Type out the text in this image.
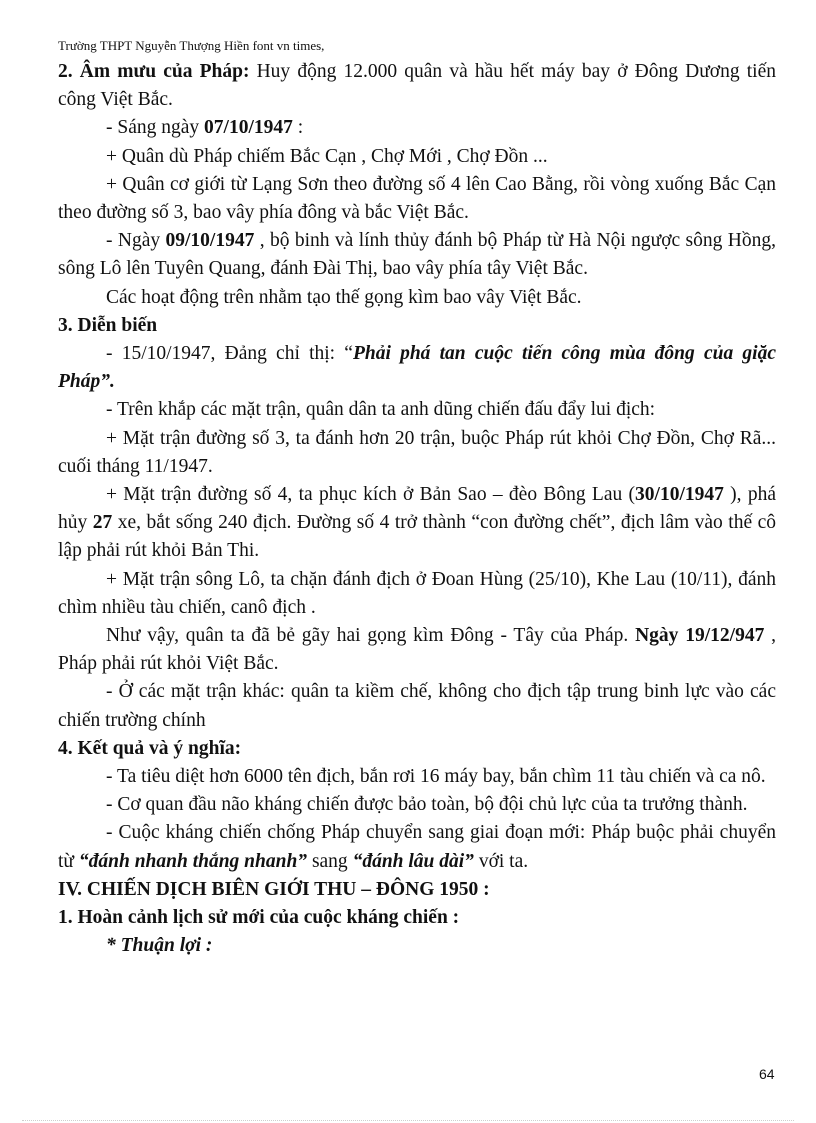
Trường THPT Nguyễn Thượng Hiền font vn times,

2. Âm mưu của Pháp: Huy động 12.000 quân và hầu hết máy bay ở Đông Dương tiến công Việt Bắc.

- Sáng ngày 07/10/1947 :

+ Quân dù Pháp chiếm Bắc Cạn , Chợ Mới , Chợ Đồn ...

+ Quân cơ giới từ Lạng Sơn theo đường số 4 lên Cao Bằng, rồi vòng xuống Bắc Cạn theo đường số 3, bao vây phía đông và bắc Việt Bắc.

- Ngày 09/10/1947 , bộ binh và lính thủy đánh bộ Pháp từ Hà Nội ngược sông Hồng, sông Lô lên Tuyên Quang, đánh Đài Thị, bao vây phía tây Việt Bắc.

Các hoạt động trên nhằm tạo thế gọng kìm bao vây Việt Bắc.

3. Diễn biến

- 15/10/1947, Đảng chỉ thị: “Phải phá tan cuộc tiến công mùa đông của giặc Pháp”.

- Trên khắp các mặt trận, quân dân ta anh dũng chiến đấu đẩy lui địch:

+ Mặt trận đường số 3, ta đánh hơn 20 trận, buộc Pháp rút khỏi Chợ Đồn, Chợ Rã... cuối tháng 11/1947.

+ Mặt trận đường số 4, ta phục kích ở Bản Sao – đèo Bông Lau (30/10/1947 ), phá hủy 27 xe, bắt sống 240 địch. Đường số 4 trở thành “con đường chết”, địch lâm vào thế cô lập phải rút khỏi Bản Thi.

+ Mặt trận sông Lô, ta chặn đánh địch ở Đoan Hùng (25/10), Khe Lau (10/11), đánh chìm nhiều tàu chiến, canô địch .

Như vậy, quân ta đã bẻ gãy hai gọng kìm Đông - Tây của Pháp. Ngày 19/12/947 , Pháp phải rút khỏi Việt Bắc.

- Ở các mặt trận khác: quân ta kiềm chế, không cho địch tập trung binh lực vào các chiến trường chính

4. Kết quả và ý nghĩa:

- Ta tiêu diệt hơn 6000 tên địch, bắn rơi 16 máy bay, bắn chìm 11 tàu chiến và ca nô.

- Cơ quan đầu não kháng chiến được bảo toàn, bộ đội chủ lực của ta trưởng thành.

- Cuộc kháng chiến chống Pháp chuyển sang giai đoạn mới: Pháp buộc phải chuyển từ “đánh nhanh thắng nhanh” sang “đánh lâu dài” với ta.

IV. CHIẾN DỊCH BIÊN GIỚI THU – ĐÔNG 1950 :

1. Hoàn cảnh lịch sử mới của cuộc kháng chiến :

* Thuận lợi :

64
